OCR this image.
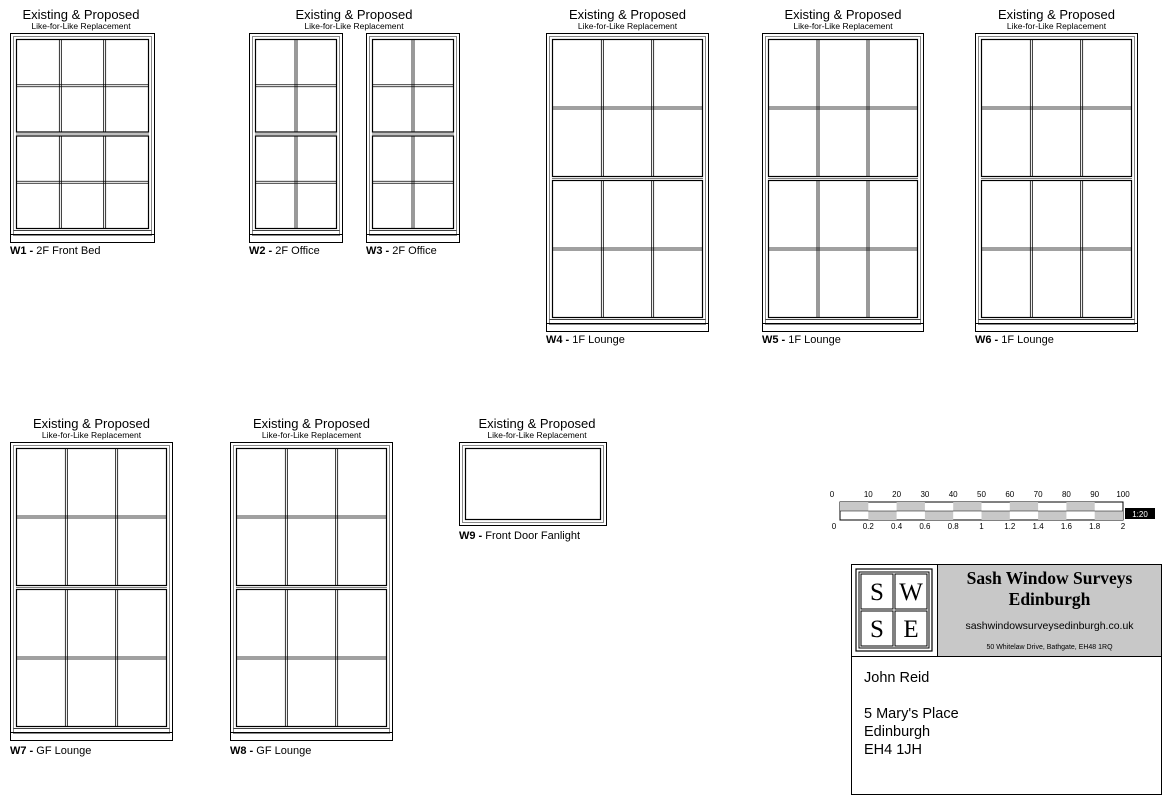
Existing & Proposed
Like-for-Like Replacement
Existing & Proposed
Like-for-Like Replacement
Existing & Proposed
Like-for-Like Replacement
Existing & Proposed
Like-for-Like Replacement
Existing & Proposed
Like-for-Like Replacement
Existing & Proposed
Like-for-Like Replacement
Existing & Proposed
Like-for-Like Replacement
Existing & Proposed
Like-for-Like Replacement
W1 - 2F Front Bed	W2 - 2F Office	W3 - 2F Office
W4 - 1F Lounge	W5 - 1F Lounge	W6 - 1F Lounge
W7 - GF Lounge	W8 - GF Lounge
W9 - Front Door Fanlight
0	10 20 30 40 50 60 70 80 90 100
0	0.2 0.4 0.6 0.8	1	1.2 1.4 1.6 1.8	2
1:20
S W
S E
Sash Window Surveys
Edinburgh
sashwindowsurveysedinburgh.co.uk
50 Whitelaw Drive, Bathgate, EH48 1RQ
John Reid
5 Mary's Place
Edinburgh
EH4 1JH
